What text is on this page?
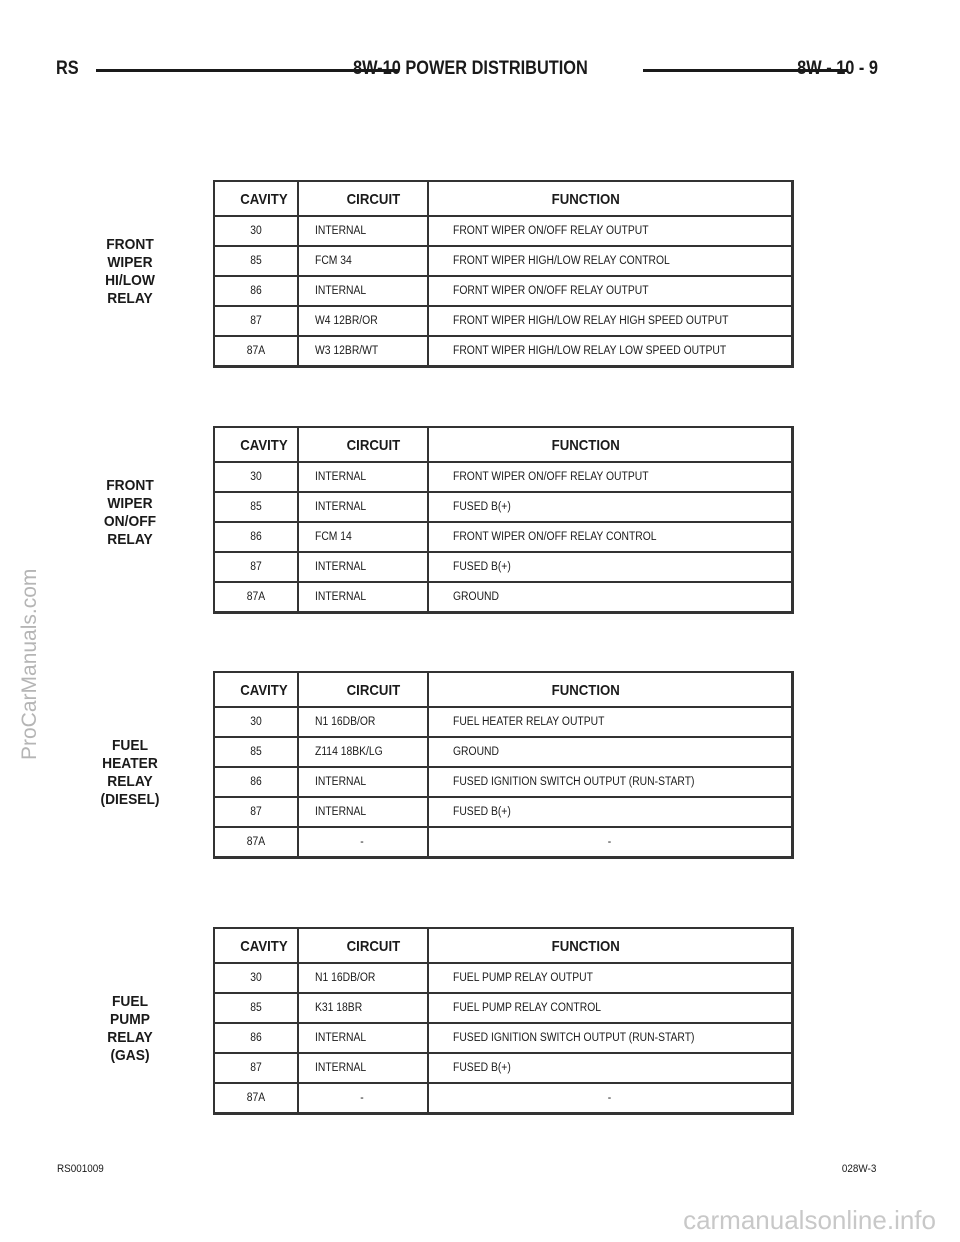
RS	8W-10 POWER DISTRIBUTION	8W - 10 - 9
FRONT
WIPER
HI/LOW
RELAY
CAVITY	CIRCUIT	FUNCTION
30	INTERNAL	FRONT WIPER ON/OFF RELAY OUTPUT
85	FCM 34	FRONT WIPER HIGH/LOW RELAY CONTROL
86	INTERNAL	FORNT WIPER ON/OFF RELAY OUTPUT
87	W4 12BR/OR	FRONT WIPER HIGH/LOW RELAY HIGH SPEED OUTPUT
87A	W3 12BR/WT	FRONT WIPER HIGH/LOW RELAY LOW SPEED OUTPUT
FRONT
WIPER
ON/OFF
RELAY
CAVITY	CIRCUIT	FUNCTION
30	INTERNAL	FRONT WIPER ON/OFF RELAY OUTPUT
85	INTERNAL	FUSED B(+)
86	FCM 14	FRONT WIPER ON/OFF RELAY CONTROL
87	INTERNAL	FUSED B(+)
87A	INTERNAL	GROUND
FUEL
HEATER
RELAY
(DIESEL)
CAVITY	CIRCUIT	FUNCTION
30	N1 16DB/OR	FUEL HEATER RELAY OUTPUT
85	Z114 18BK/LG	GROUND
86	INTERNAL	FUSED IGNITION SWITCH OUTPUT (RUN-START)
87	INTERNAL	FUSED B(+)
87A	-	-
FUEL
PUMP
RELAY
(GAS)
CAVITY	CIRCUIT	FUNCTION
30	N1 16DB/OR	FUEL PUMP RELAY OUTPUT
85	K31 18BR	FUEL PUMP RELAY CONTROL
86	INTERNAL	FUSED IGNITION SWITCH OUTPUT (RUN-START)
87	INTERNAL	FUSED B(+)
87A	-	-
RS001009	028W-3
ProCarManuals.com
carmanualsonline.info
